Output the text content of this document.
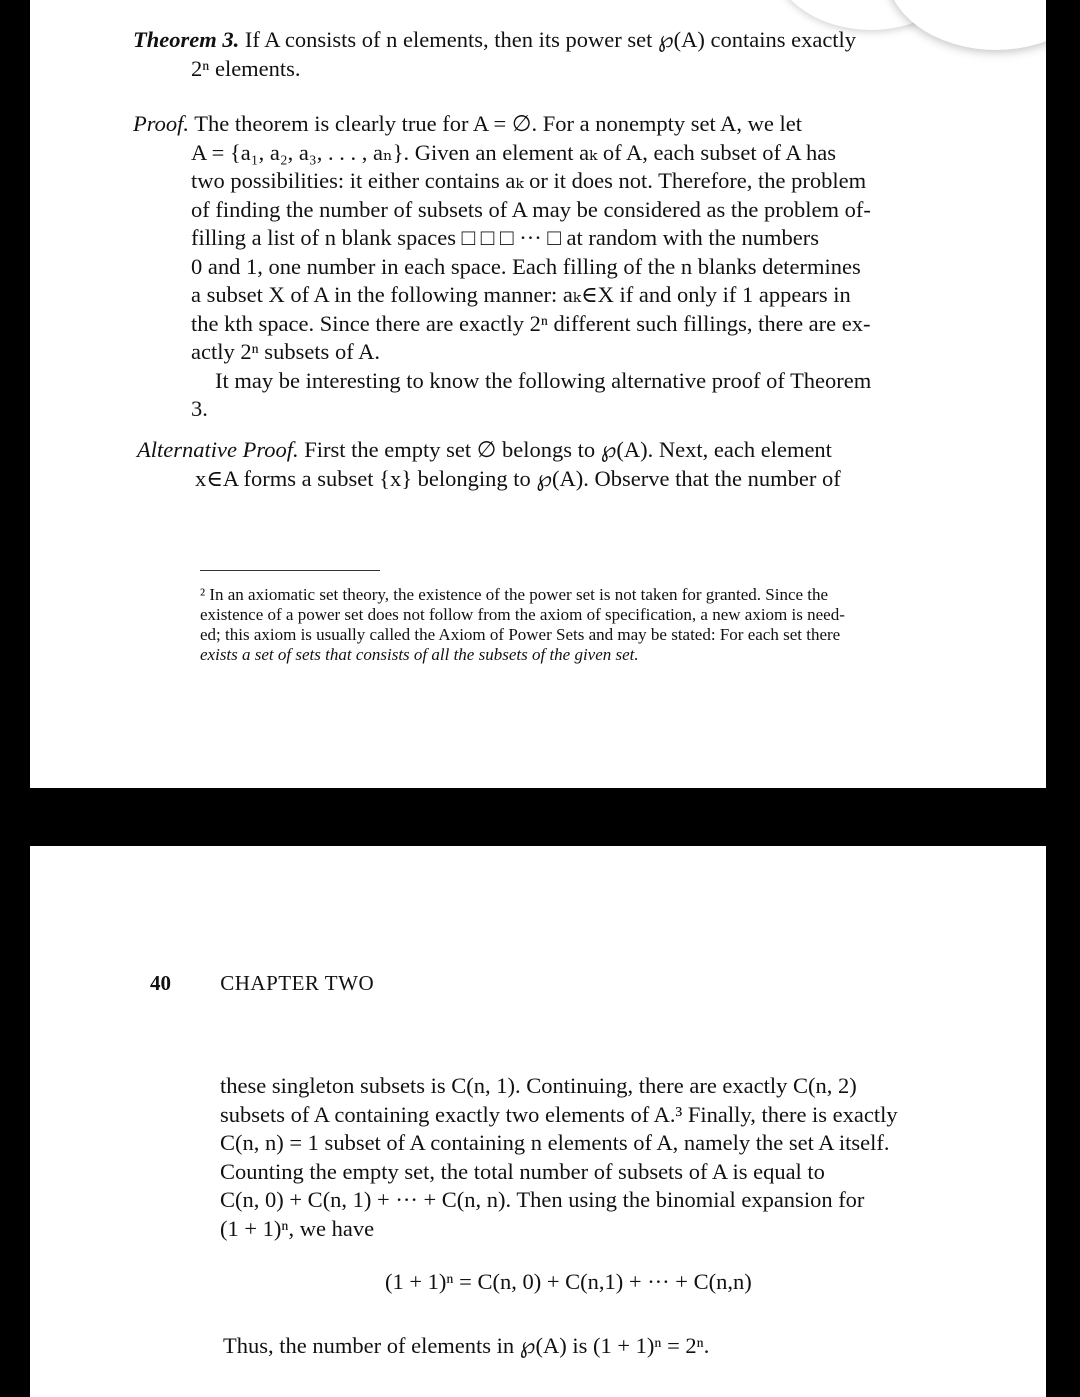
Theorem 3. If A consists of n elements, then its power set ℘(A) contains exactly
2ⁿ elements.
Proof. The theorem is clearly true for A = ∅. For a nonempty set A, we let
A = {a₁, a₂, a₃, . . . , aₙ}. Given an element aₖ of A, each subset of A has
two possibilities: it either contains aₖ or it does not. Therefore, the problem
of finding the number of subsets of A may be considered as the problem of-
filling a list of n blank spaces □ □ □ ··· □ at random with the numbers
0 and 1, one number in each space. Each filling of the n blanks determines
a subset X of A in the following manner: aₖ∈X if and only if 1 appears in
the kth space. Since there are exactly 2ⁿ different such fillings, there are ex-
actly 2ⁿ subsets of A.
It may be interesting to know the following alternative proof of Theorem
3.
Alternative Proof. First the empty set ∅ belongs to ℘(A). Next, each element
x∈A forms a subset {x} belonging to ℘(A). Observe that the number of
² In an axiomatic set theory, the existence of the power set is not taken for granted. Since the
existence of a power set does not follow from the axiom of specification, a new axiom is need-
ed; this axiom is usually called the Axiom of Power Sets and may be stated: For each set there
exists a set of sets that consists of all the subsets of the given set.
40 CHAPTER TWO
these singleton subsets is C(n, 1). Continuing, there are exactly C(n, 2)
subsets of A containing exactly two elements of A.³ Finally, there is exactly
C(n, n) = 1 subset of A containing n elements of A, namely the set A itself.
Counting the empty set, the total number of subsets of A is equal to
C(n, 0) + C(n, 1) + ··· + C(n, n). Then using the binomial expansion for
(1 + 1)ⁿ, we have
(1 + 1)ⁿ = C(n, 0) + C(n,1) + ··· + C(n,n)
Thus, the number of elements in ℘(A) is (1 + 1)ⁿ = 2ⁿ.
